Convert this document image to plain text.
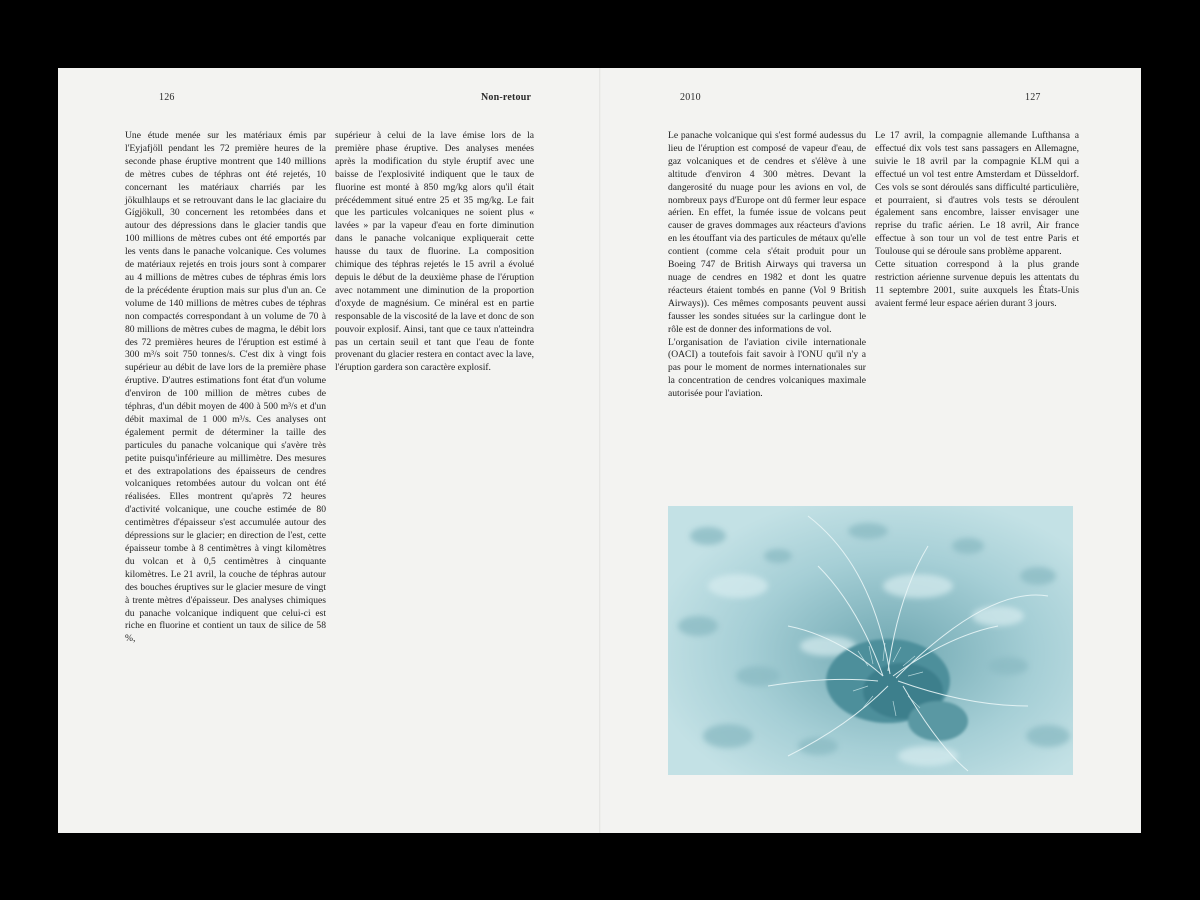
126	Non-retour

Une étude menée sur les matériaux émis par l'Eyjafjöll pendant les 72 première heures de la seconde phase éruptive montrent que 140 millions de mètres cubes de téphras ont été rejetés, 10 concernant les matériaux charriés par les jökulhlaups et se retrouvant dans le lac glaciaire du Gígjökull, 30 concernent les retombées dans et autour des dépressions dans le glacier tandis que 100 millions de mètres cubes ont été emportés par les vents dans le panache volcanique. Ces volumes de matériaux rejetés en trois jours sont à comparer au 4 millions de mètres cubes de téphras émis lors de la précédente éruption mais sur plus d'un an. Ce volume de 140 millions de mètres cubes de téphras non compactés correspondant à un volume de 70 à 80 millions de mètres cubes de magma, le débit lors des 72 premières heures de l'éruption est estimé à 300 m³/s soit 750 tonnes/s. C'est dix à vingt fois supérieur au débit de lave lors de la première phase éruptive. D'autres estimations font état d'un volume d'environ de 100 million de mètres cubes de téphras, d'un débit moyen de 400 à 500 m³/s et d'un débit maximal de 1 000 m³/s. Ces analyses ont également permit de déterminer la taille des particules du panache volcanique qui s'avère très petite puisqu'inférieure au millimètre. Des mesures et des extrapolations des épaisseurs de cendres volcaniques retombées autour du volcan ont été réalisées. Elles montrent qu'après 72 heures d'activité volcanique, une couche estimée de 80 centimètres d'épaisseur s'est accumulée autour des dépressions sur le glacier; en direction de l'est, cette épaisseur tombe à 8 centimètres à vingt kilomètres du volcan et à 0,5 centimètres à cinquante kilomètres. Le 21 avril, la couche de téphras autour des bouches éruptives sur le glacier mesure de vingt à trente mètres d'épaisseur. Des analyses chimiques du panache volcanique indiquent que celui-ci est riche en fluorine et contient un taux de silice de 58 %,

supérieur à celui de la lave émise lors de la première phase éruptive. Des analyses menées après la modification du style éruptif avec une baisse de l'explosivité indiquent que le taux de fluorine est monté à 850 mg/kg alors qu'il était précédemment situé entre 25 et 35 mg/kg. Le fait que les particules volcaniques ne soient plus « lavées » par la vapeur d'eau en forte diminution dans le panache volcanique expliquerait cette hausse du taux de fluorine. La composition chimique des téphras rejetés le 15 avril a évolué depuis le début de la deuxième phase de l'éruption avec notamment une diminution de la proportion d'oxyde de magnésium. Ce minéral est en partie responsable de la viscosité de la lave et donc de son pouvoir explosif. Ainsi, tant que ce taux n'atteindra pas un certain seuil et tant que l'eau de fonte provenant du glacier restera en contact avec la lave, l'éruption gardera son caractère explosif.

2010	127

Le panache volcanique qui s'est formé audessus du lieu de l'éruption est composé de vapeur d'eau, de gaz volcaniques et de cendres et s'élève à une altitude d'environ 4 300 mètres. Devant la dangerosité du nuage pour les avions en vol, de nombreux pays d'Europe ont dû fermer leur espace aérien. En effet, la fumée issue de volcans peut causer de graves dommages aux réacteurs d'avions en les étouffant via des particules de métaux qu'elle contient (comme cela s'était produit pour un Boeing 747 de British Airways qui traversa un nuage de cendres en 1982 et dont les quatre réacteurs étaient tombés en panne (Vol 9 British Airways)). Ces mêmes composants peuvent aussi fausser les sondes situées sur la carlingue dont le rôle est de donner des informations de vol.

L'organisation de l'aviation civile internationale (OACI) a toutefois fait savoir à l'ONU qu'il n'y a pas pour le moment de normes internationales sur la concentration de cendres volcaniques maximale autorisée pour l'aviation.

Le 17 avril, la compagnie allemande Lufthansa a effectué dix vols test sans passagers en Allemagne, suivie le 18 avril par la compagnie KLM qui a effectué un vol test entre Amsterdam et Düsseldorf. Ces vols se sont déroulés sans difficulté particulière, et pourraient, si d'autres vols tests se déroulent également sans encombre, laisser envisager une reprise du trafic aérien. Le 18 avril, Air france effectue à son tour un vol de test entre Paris et Toulouse qui se déroule sans problème apparent.

Cette situation correspond à la plus grande restriction aérienne survenue depuis les attentats du 11 septembre 2001, suite auxquels les États-Unis avaient fermé leur espace aérien durant 3 jours.
